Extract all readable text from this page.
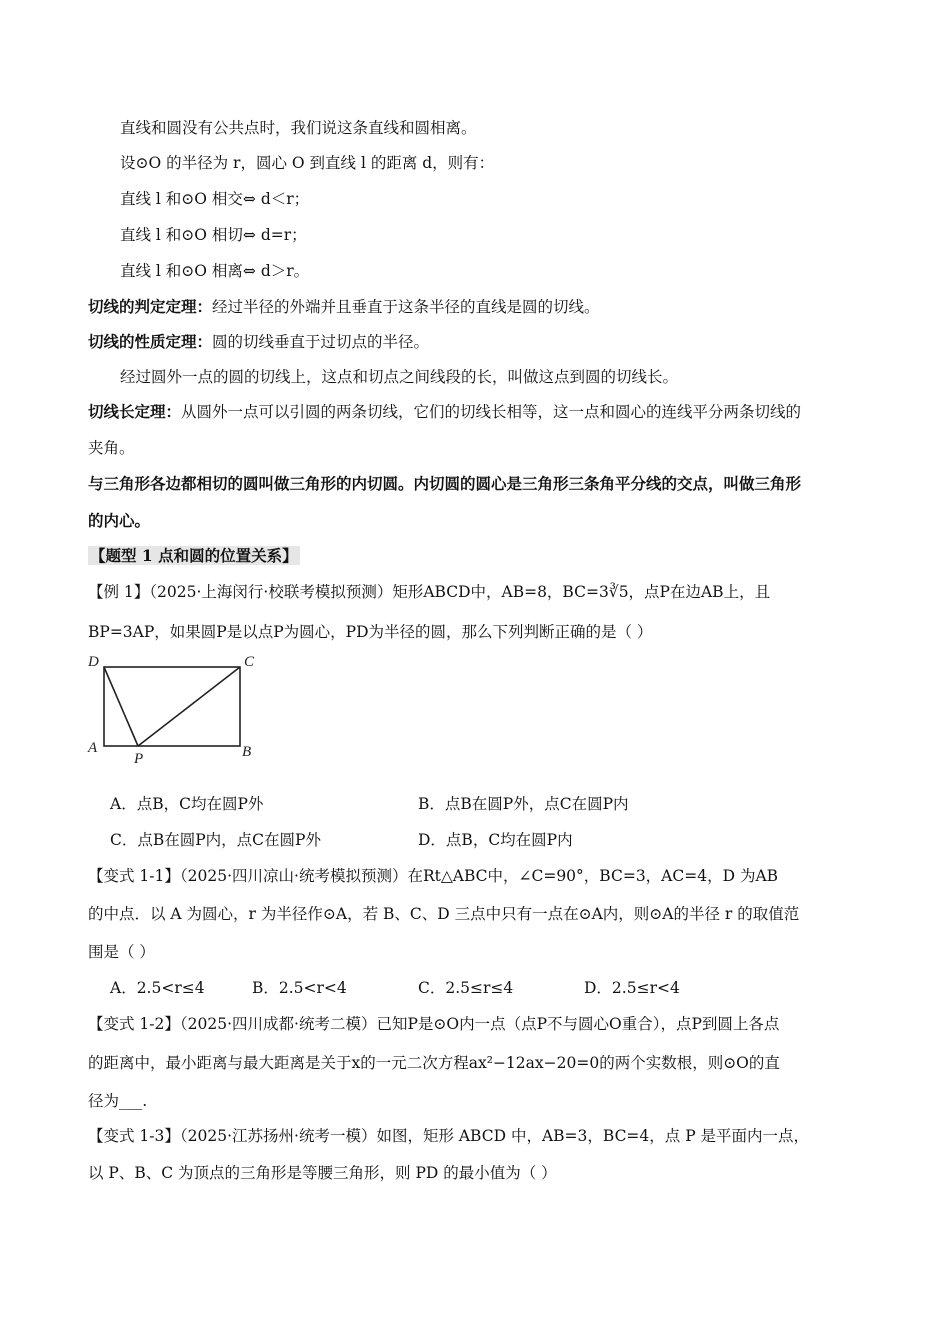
直线和圆没有公共点时，我们说这条直线和圆相离。
设⊙O 的半径为 r，圆心 O 到直线 l 的距离 d，则有：
直线 l 和⊙O 相交⇔ d＜r；
直线 l 和⊙O 相切⇔ d=r；
直线 l 和⊙O 相离⇔ d＞r。
切线的判定定理：经过半径的外端并且垂直于这条半径的直线是圆的切线。
切线的性质定理：圆的切线垂直于过切点的半径。
经过圆外一点的圆的切线上，这点和切点之间线段的长，叫做这点到圆的切线长。
切线长定理：从圆外一点可以引圆的两条切线，它们的切线长相等，这一点和圆心的连线平分两条切线的
夹角。
与三角形各边都相切的圆叫做三角形的内切圆。内切圆的圆心是三角形三条角平分线的交点，叫做三角形
的内心。
【题型 1 点和圆的位置关系】
【例 1】（2025·上海闵行·校联考模拟预测）矩形ABCD中，AB=8，BC=3∛5，点P在边AB上，且
BP=3AP，如果圆P是以点P为圆心，PD为半径的圆，那么下列判断正确的是（ ）
D	C
A
P	B
A．点B，C均在圆P外	B．点B在圆P外，点C在圆P内
C．点B在圆P内，点C在圆P外	D．点B，C均在圆P内
【变式 1-1】（2025·四川凉山·统考模拟预测）在Rt△ABC中，∠C=90°，BC=3，AC=4，D 为AB
的中点．以 A 为圆心，r 为半径作⊙A，若 B、C、D 三点中只有一点在⊙A内，则⊙A的半径 r 的取值范
围是（ ）
A．2.5<r≤4	B．2.5<r<4	C．2.5≤r≤4	D．2.5≤r<4
【变式 1-2】（2025·四川成都·统考二模）已知P是⊙O内一点（点P不与圆心O重合），点P到圆上各点
的距离中，最小距离与最大距离是关于x的一元二次方程ax²−12ax−20=0的两个实数根，则⊙O的直
径为___.
【变式 1-3】（2025·江苏扬州·统考一模）如图，矩形 ABCD 中，AB=3，BC=4，点 P 是平面内一点，
以 P、B、C 为顶点的三角形是等腰三角形，则 PD 的最小值为（ ）
